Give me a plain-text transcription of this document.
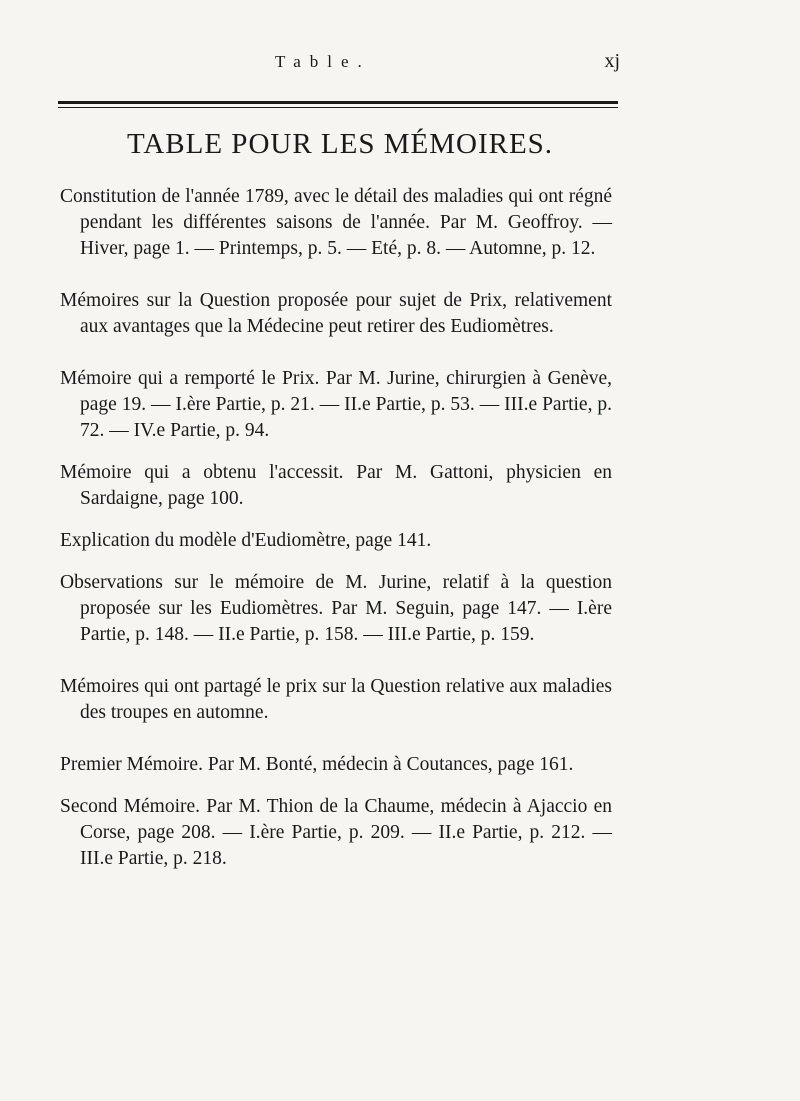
Table.	xj
TABLE POUR LES MÉMOIRES.

Constitution de l'année 1789, avec le détail des maladies qui ont régné pendant les différentes saisons de l'année. Par M. Geoffroy. — Hiver, page 1. — Printemps, p. 5. — Eté, p. 8. — Automne, p. 12.

Mémoires sur la Question proposée pour sujet de Prix, relativement aux avantages que la Médecine peut retirer des Eudiomètres.

Mémoire qui a remporté le Prix. Par M. Jurine, chirurgien à Genève, page 19. — I.ère Partie, p. 21. — II.e Partie, p. 53. — III.e Partie, p. 72. — IV.e Partie, p. 94.

Mémoire qui a obtenu l'accessit. Par M. Gattoni, physicien en Sardaigne, page 100.

Explication du modèle d'Eudiomètre, page 141.

Observations sur le mémoire de M. Jurine, relatif à la question proposée sur les Eudiomètres. Par M. Seguin, page 147. — I.ère Partie, p. 148. — II.e Partie, p. 158. — III.e Partie, p. 159.

Mémoires qui ont partagé le prix sur la Question relative aux maladies des troupes en automne.

Premier Mémoire. Par M. Bonté, médecin à Coutances, page 161.

Second Mémoire. Par M. Thion de la Chaume, médecin à Ajaccio en Corse, page 208. — I.ère Partie, p. 209. — II.e Partie, p. 212. — III.e Partie, p. 218.
